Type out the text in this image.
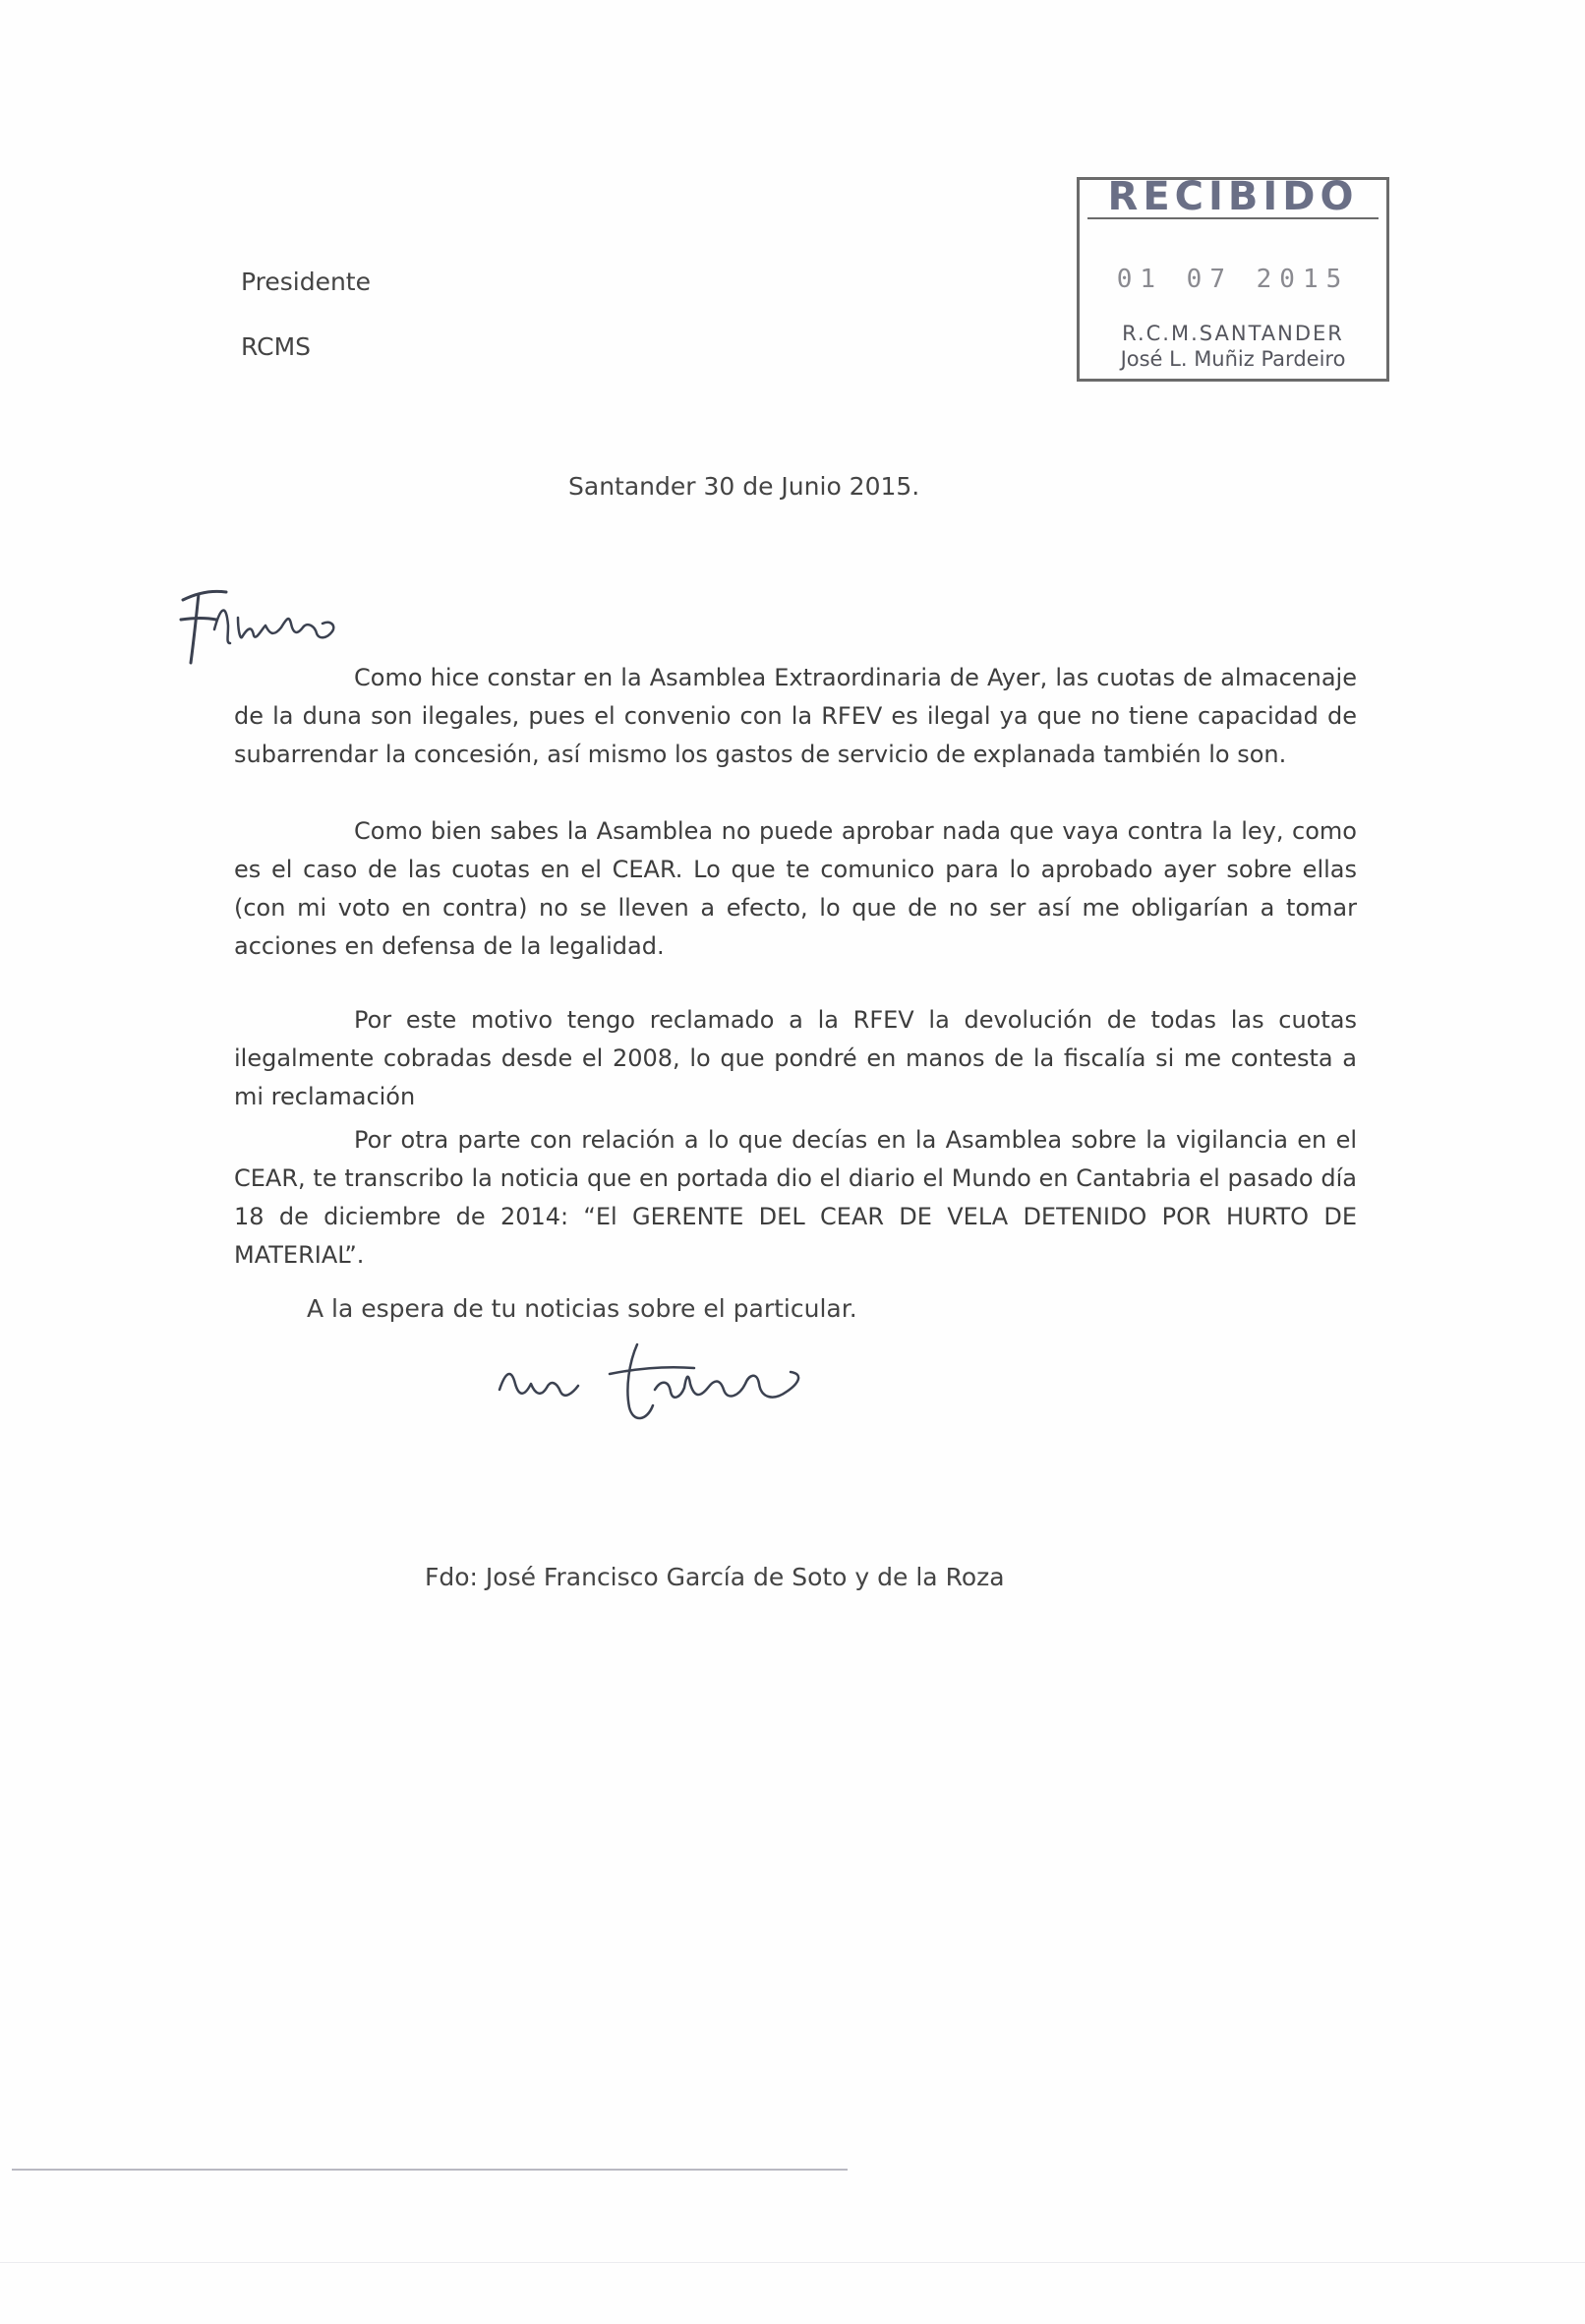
Presidente
RCMS
RECIBIDO
01 07 2015
R.C.M.SANTANDER
José L. Muñiz Pardeiro
Santander 30 de Junio 2015.

Como hice constar en la Asamblea Extraordinaria de Ayer, las cuotas de almacenaje de la duna son ilegales, pues el convenio con la RFEV es ilegal ya que no tiene capacidad de subarrendar la concesión, así mismo los gastos de servicio de explanada también lo son.

Como bien sabes la Asamblea no puede aprobar nada que vaya contra la ley, como es el caso de las cuotas en el CEAR. Lo que te comunico para lo aprobado ayer sobre ellas (con mi voto en contra) no se lleven a efecto, lo que de no ser así me obligarían a tomar acciones en defensa de la legalidad.

Por este motivo tengo reclamado a la RFEV la devolución de todas las cuotas ilegalmente cobradas desde el 2008, lo que pondré en manos de la fiscalía si me contesta a mi reclamación

Por otra parte con relación a lo que decías en la Asamblea sobre la vigilancia en el CEAR, te transcribo la noticia que en portada dio el diario el Mundo en Cantabria el pasado día 18 de diciembre de 2014: “El GERENTE DEL CEAR DE VELA DETENIDO POR HURTO DE MATERIAL”.

A la espera de tu noticias sobre el particular.
Fdo: José Francisco García de Soto y de la Roza
